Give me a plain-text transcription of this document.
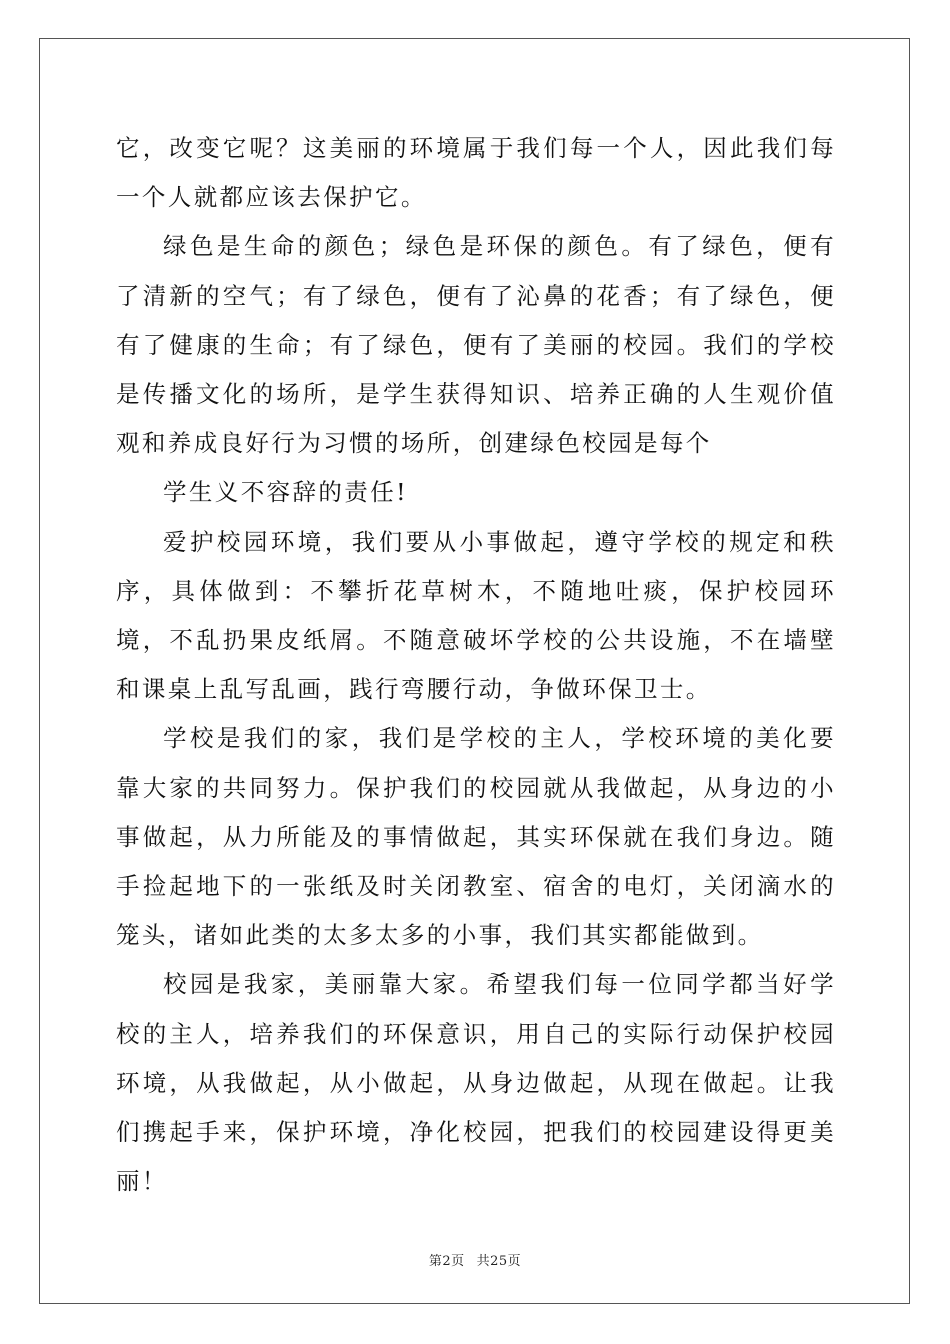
它，改变它呢？这美丽的环境属于我们每一个人，因此我们每一个人就都应该去保护它。

绿色是生命的颜色；绿色是环保的颜色。有了绿色，便有了清新的空气；有了绿色，便有了沁鼻的花香；有了绿色，便有了健康的生命；有了绿色，便有了美丽的校园。我们的学校是传播文化的场所，是学生获得知识、培养正确的人生观价值观和养成良好行为习惯的场所，创建绿色校园是每个

学生义不容辞的责任!

爱护校园环境，我们要从小事做起，遵守学校的规定和秩序，具体做到：不攀折花草树木，不随地吐痰，保护校园环境，不乱扔果皮纸屑。不随意破坏学校的公共设施，不在墙壁和课桌上乱写乱画，践行弯腰行动，争做环保卫士。

学校是我们的家，我们是学校的主人，学校环境的美化要靠大家的共同努力。保护我们的校园就从我做起，从身边的小事做起，从力所能及的事情做起，其实环保就在我们身边。随手捡起地下的一张纸及时关闭教室、宿舍的电灯，关闭滴水的笼头，诸如此类的太多太多的小事，我们其实都能做到。

校园是我家，美丽靠大家。希望我们每一位同学都当好学校的主人，培养我们的环保意识，用自己的实际行动保护校园环境，从我做起，从小做起，从身边做起，从现在做起。让我们携起手来，保护环境，净化校园，把我们的校园建设得更美丽！

第2页 共25页
